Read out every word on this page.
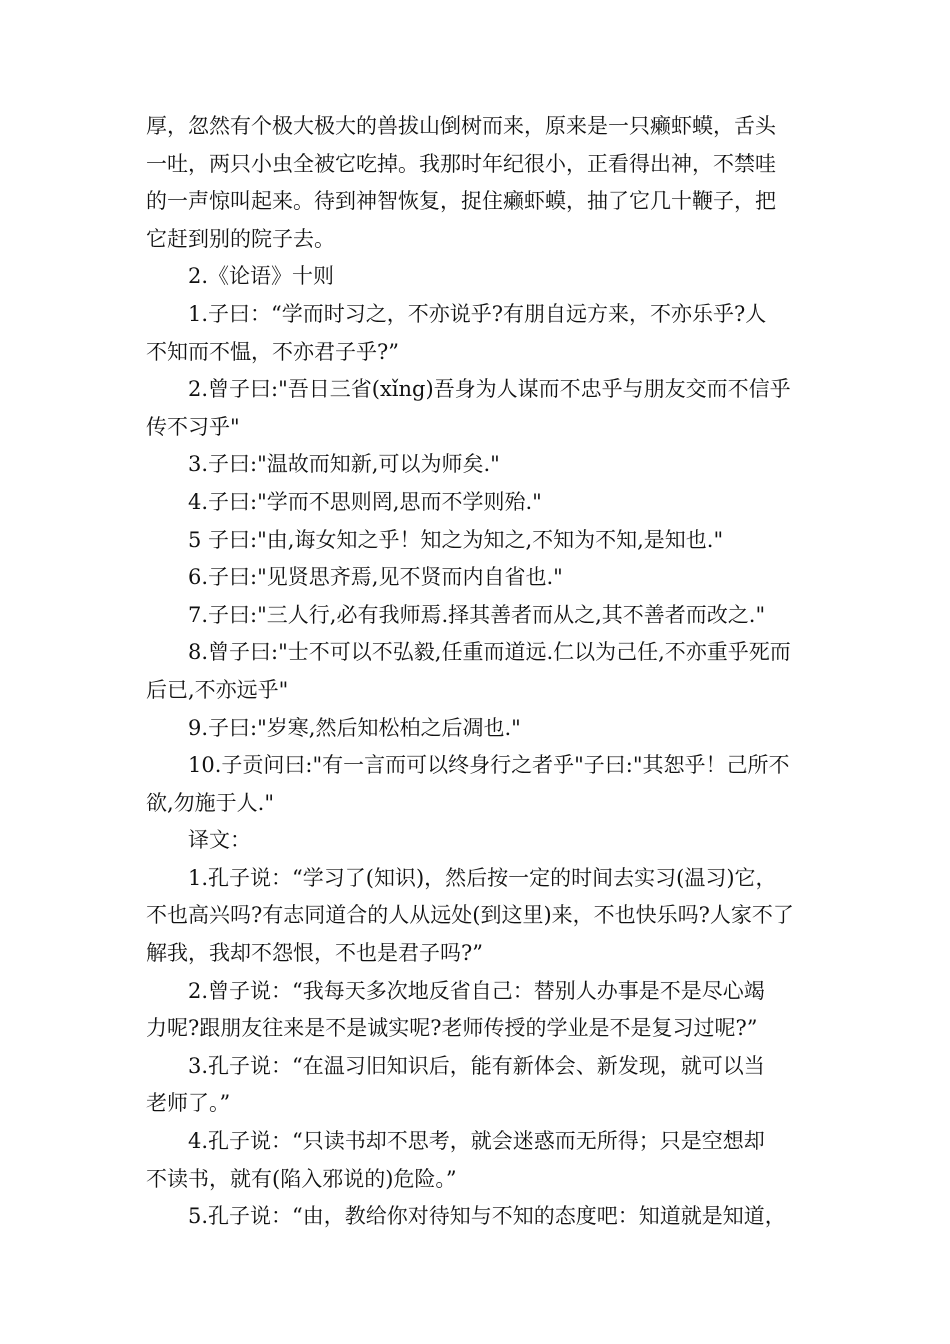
厚，忽然有个极大极大的兽拔山倒树而来，原来是一只癞虾蟆，舌头

一吐，两只小虫全被它吃掉。我那时年纪很小，正看得出神，不禁哇

的一声惊叫起来。待到神智恢复，捉住癞虾蟆，抽了它几十鞭子，把

它赶到别的院子去。

2.《论语》十则

1.子曰：“学而时习之，不亦说乎?有朋自远方来，不亦乐乎?人

不知而不愠，不亦君子乎?”

2.曾子曰:"吾日三省(xǐng)吾身为人谋而不忠乎与朋友交而不信乎

传不习乎"

3.子曰:"温故而知新,可以为师矣."

4.子曰:"学而不思则罔,思而不学则殆."

5 子曰:"由,诲女知之乎！知之为知之,不知为不知,是知也."

6.子曰:"见贤思齐焉,见不贤而内自省也."

7.子曰:"三人行,必有我师焉.择其善者而从之,其不善者而改之."

8.曾子曰:"士不可以不弘毅,任重而道远.仁以为己任,不亦重乎死而

后已,不亦远乎"

9.子曰:"岁寒,然后知松柏之后凋也."

10.子贡问曰:"有一言而可以终身行之者乎"子曰:"其恕乎！己所不

欲,勿施于人."

译文：

1.孔子说：“学习了(知识)，然后按一定的时间去实习(温习)它，

不也高兴吗?有志同道合的人从远处(到这里)来，不也快乐吗?人家不了

解我，我却不怨恨，不也是君子吗?”

2.曾子说：“我每天多次地反省自己：替别人办事是不是尽心竭

力呢?跟朋友往来是不是诚实呢?老师传授的学业是不是复习过呢?”

3.孔子说：“在温习旧知识后，能有新体会、新发现，就可以当

老师了。”

4.孔子说：“只读书却不思考，就会迷惑而无所得；只是空想却

不读书，就有(陷入邪说的)危险。”

5.孔子说：“由，教给你对待知与不知的态度吧：知道就是知道，
